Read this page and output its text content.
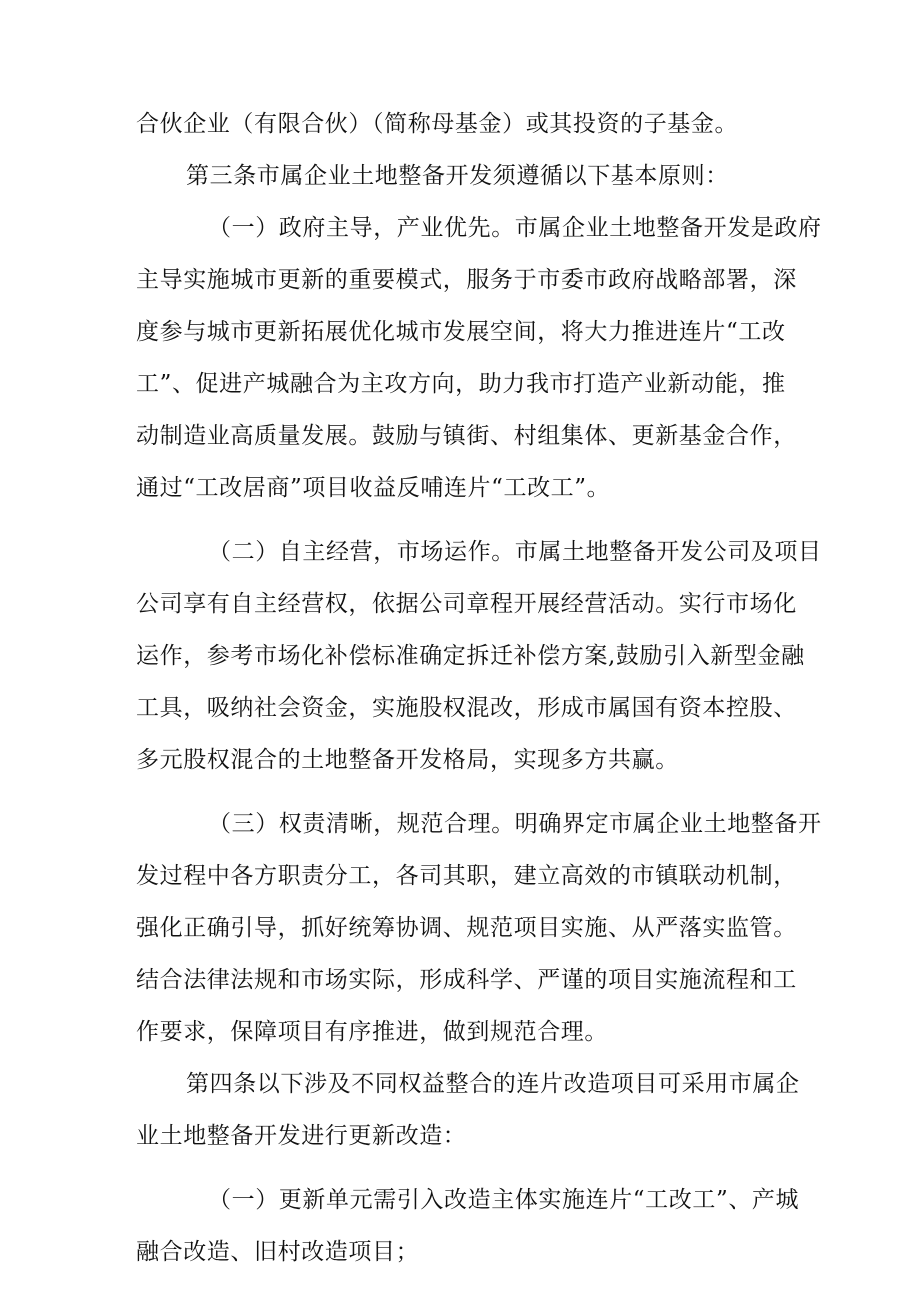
合伙企业（有限合伙）（简称母基金）或其投资的子基金。
第三条市属企业土地整备开发须遵循以下基本原则：
（一）政府主导，产业优先。市属企业土地整备开发是政府
主导实施城市更新的重要模式，服务于市委市政府战略部署，深
度参与城市更新拓展优化城市发展空间，将大力推进连片“工改
工”、促进产城融合为主攻方向，助力我市打造产业新动能，推
动制造业高质量发展。鼓励与镇街、村组集体、更新基金合作，
通过“工改居商”项目收益反哺连片“工改工”。
（二）自主经营，市场运作。市属土地整备开发公司及项目
公司享有自主经营权，依据公司章程开展经营活动。实行市场化
运作，参考市场化补偿标准确定拆迁补偿方案,鼓励引入新型金融
工具，吸纳社会资金，实施股权混改，形成市属国有资本控股、
多元股权混合的土地整备开发格局，实现多方共赢。
（三）权责清晰，规范合理。明确界定市属企业土地整备开
发过程中各方职责分工，各司其职，建立高效的市镇联动机制，
强化正确引导，抓好统筹协调、规范项目实施、从严落实监管。
结合法律法规和市场实际，形成科学、严谨的项目实施流程和工
作要求，保障项目有序推进，做到规范合理。
第四条以下涉及不同权益整合的连片改造项目可采用市属企
业土地整备开发进行更新改造：
（一）更新单元需引入改造主体实施连片“工改工”、产城
融合改造、旧村改造项目；
